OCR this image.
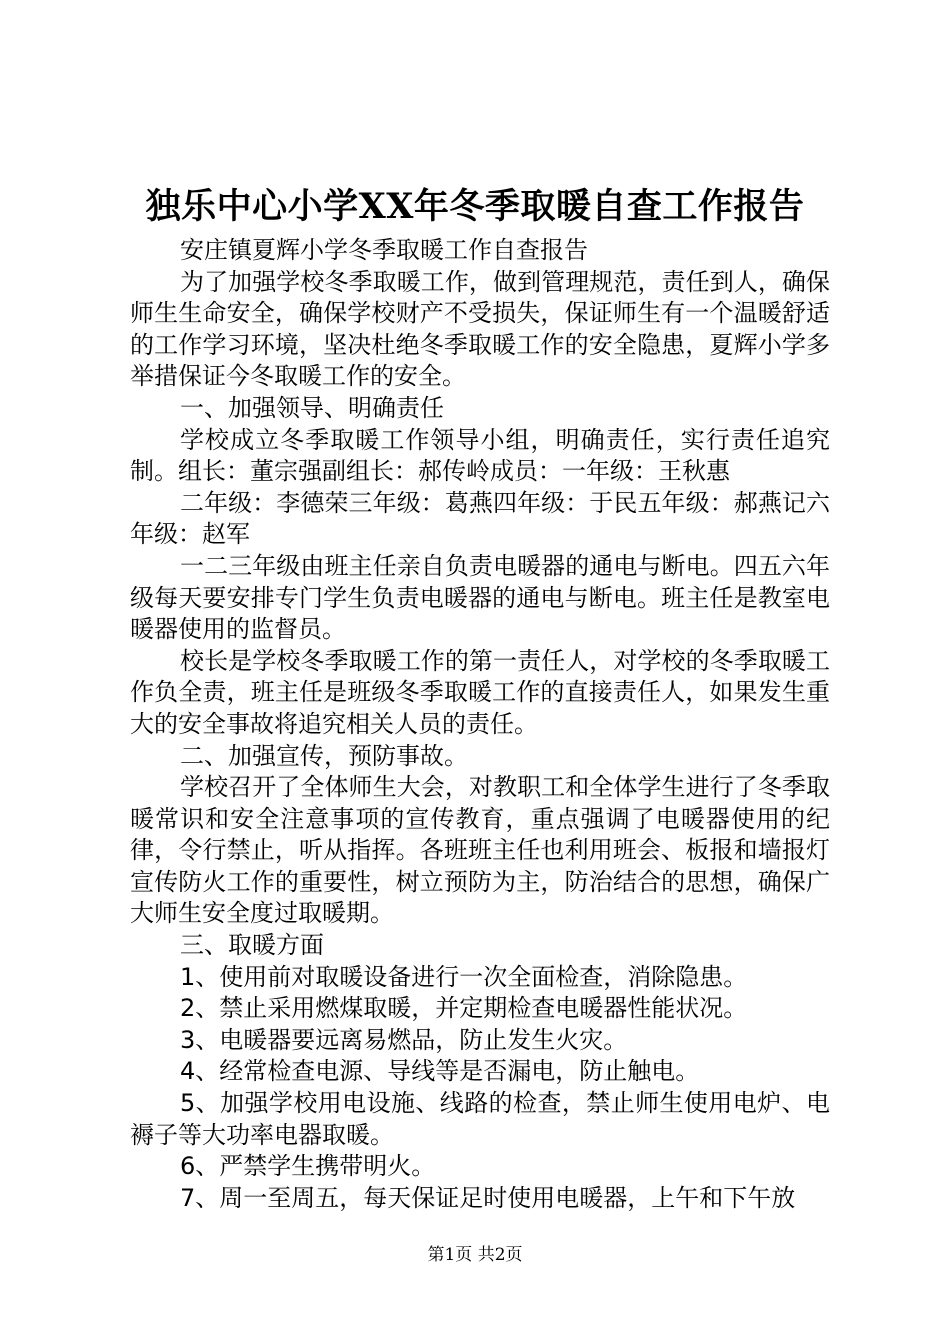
独乐中心小学XX年冬季取暖自查工作报告

安庄镇夏辉小学冬季取暖工作自查报告

为了加强学校冬季取暖工作，做到管理规范，责任到人，确保师生生命安全，确保学校财产不受损失，保证师生有一个温暖舒适的工作学习环境，坚决杜绝冬季取暖工作的安全隐患，夏辉小学多举措保证今冬取暖工作的安全。

一、加强领导、明确责任

学校成立冬季取暖工作领导小组，明确责任，实行责任追究制。组长：董宗强副组长：郝传岭成员：一年级：王秋惠

二年级：李德荣三年级：葛燕四年级：于民五年级：郝燕记六年级：赵军

一二三年级由班主任亲自负责电暖器的通电与断电。四五六年级每天要安排专门学生负责电暖器的通电与断电。班主任是教室电暖器使用的监督员。

校长是学校冬季取暖工作的第一责任人，对学校的冬季取暖工作负全责，班主任是班级冬季取暖工作的直接责任人，如果发生重大的安全事故将追究相关人员的责任。

二、加强宣传，预防事故。

学校召开了全体师生大会，对教职工和全体学生进行了冬季取暖常识和安全注意事项的宣传教育，重点强调了电暖器使用的纪律，令行禁止，听从指挥。各班班主任也利用班会、板报和墙报灯宣传防火工作的重要性，树立预防为主，防治结合的思想，确保广大师生安全度过取暖期。

三、取暖方面

1、使用前对取暖设备进行一次全面检查，消除隐患。

2、禁止采用燃煤取暖，并定期检查电暖器性能状况。

3、电暖器要远离易燃品，防止发生火灾。

4、经常检查电源、导线等是否漏电，防止触电。

5、加强学校用电设施、线路的检查，禁止师生使用电炉、电褥子等大功率电器取暖。

6、严禁学生携带明火。

7、周一至周五，每天保证足时使用电暖器，上午和下午放

第1页 共2页
